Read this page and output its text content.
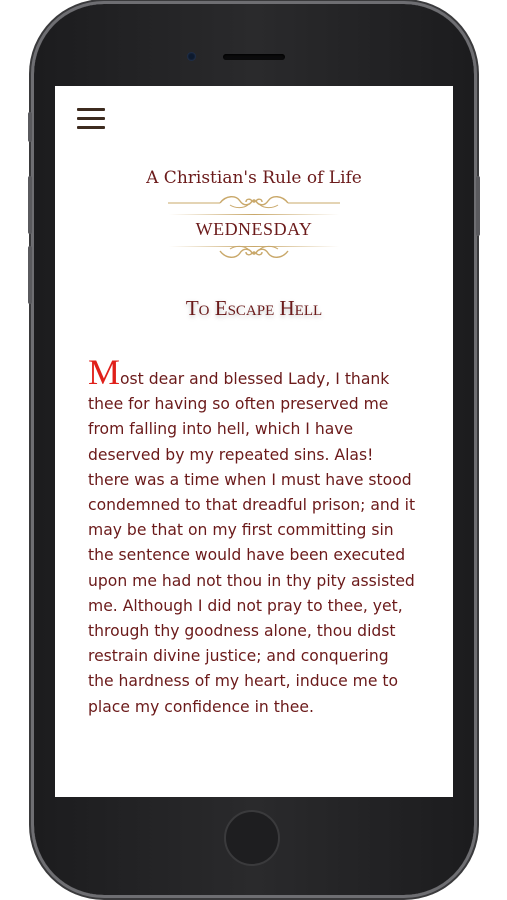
A Christian's Rule of Life
WEDNESDAY
To Escape Hell

Most dear and blessed Lady, I thank thee for having so often preserved me from falling into hell, which I have deserved by my repeated sins. Alas! there was a time when I must have stood condemned to that dreadful prison; and it may be that on my first committing sin the sentence would have been executed upon me had not thou in thy pity assisted me. Although I did not pray to thee, yet, through thy goodness alone, thou didst restrain divine justice; and conquering the hardness of my heart, induce me to place my confidence in thee.
